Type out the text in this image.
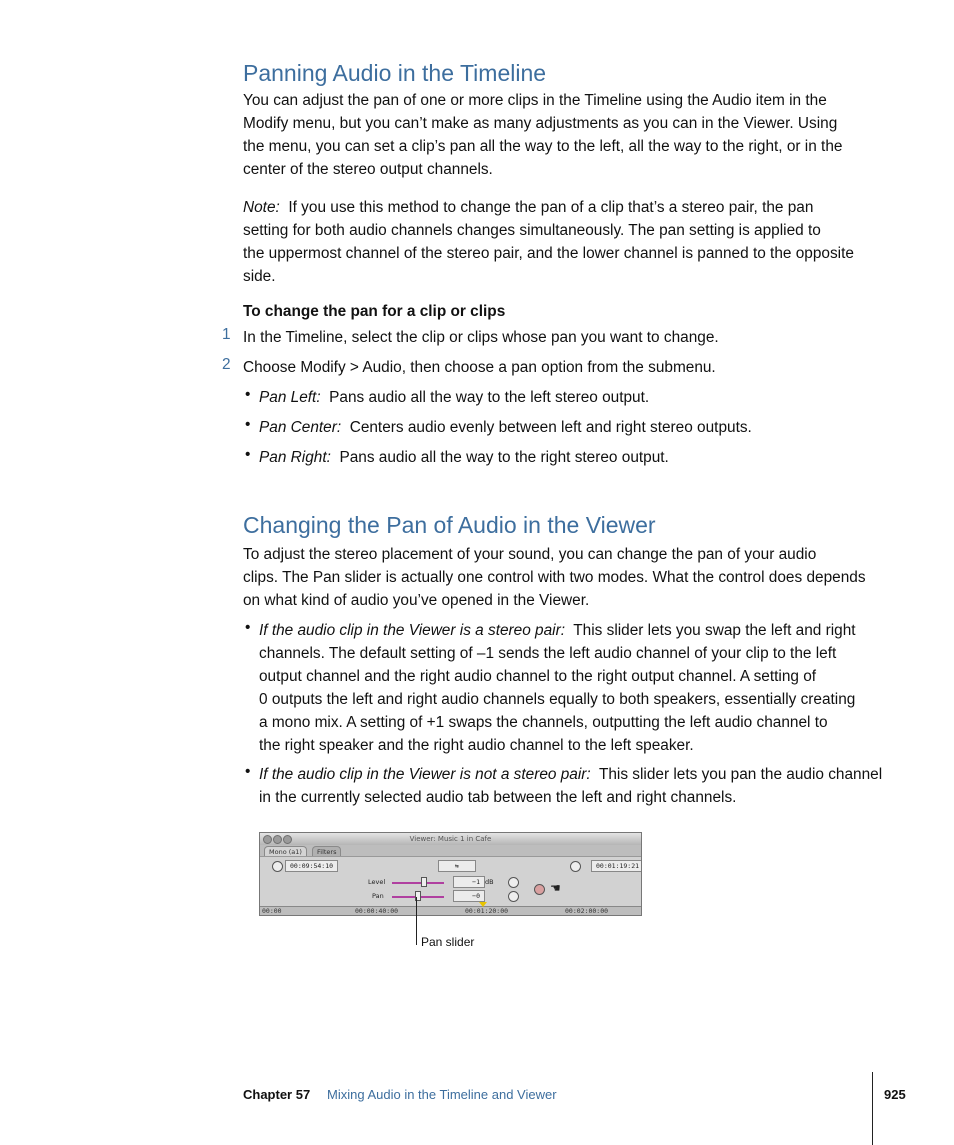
Panning Audio in the Timeline

You can adjust the pan of one or more clips in the Timeline using the Audio item in the

Modify menu, but you can’t make as many adjustments as you can in the Viewer. Using

the menu, you can set a clip’s pan all the way to the left, all the way to the right, or in the

center of the stereo output channels.

Note: If you use this method to change the pan of a clip that’s a stereo pair, the pan

setting for both audio channels changes simultaneously. The pan setting is applied to

the uppermost channel of the stereo pair, and the lower channel is panned to the opposite

side.

To change the pan for a clip or clips
1 In the Timeline, select the clip or clips whose pan you want to change.
2 Choose Modify > Audio, then choose a pan option from the submenu.
• Pan Left: Pans audio all the way to the left stereo output.
• Pan Center: Centers audio evenly between left and right stereo outputs.
• Pan Right: Pans audio all the way to the right stereo output.
Changing the Pan of Audio in the Viewer

To adjust the stereo placement of your sound, you can change the pan of your audio

clips. The Pan slider is actually one control with two modes. What the control does depends

on what kind of audio you’ve opened in the Viewer.

• If the audio clip in the Viewer is a stereo pair: This slider lets you swap the left and right

channels. The default setting of –1 sends the left audio channel of your clip to the left

output channel and the right audio channel to the right output channel. A setting of

0 outputs the left and right audio channels equally to both speakers, essentially creating

a mono mix. A setting of +1 swaps the channels, outputting the left audio channel to

the right speaker and the right audio channel to the left speaker.

• If the audio clip in the Viewer is not a stereo pair: This slider lets you pan the audio channel

in the currently selected audio tab between the left and right channels.

Viewer: Music 1 in Cafe
Mono (a1)	Filters
00:09:54:10	⇆	00:01:19:21
Level	−1 dB
Pan	−0
☚
00:00	00:00:40:00	00:01:20:00	00:02:00:00
Pan slider
Chapter 57 Mixing Audio in the Timeline and Viewer	925
